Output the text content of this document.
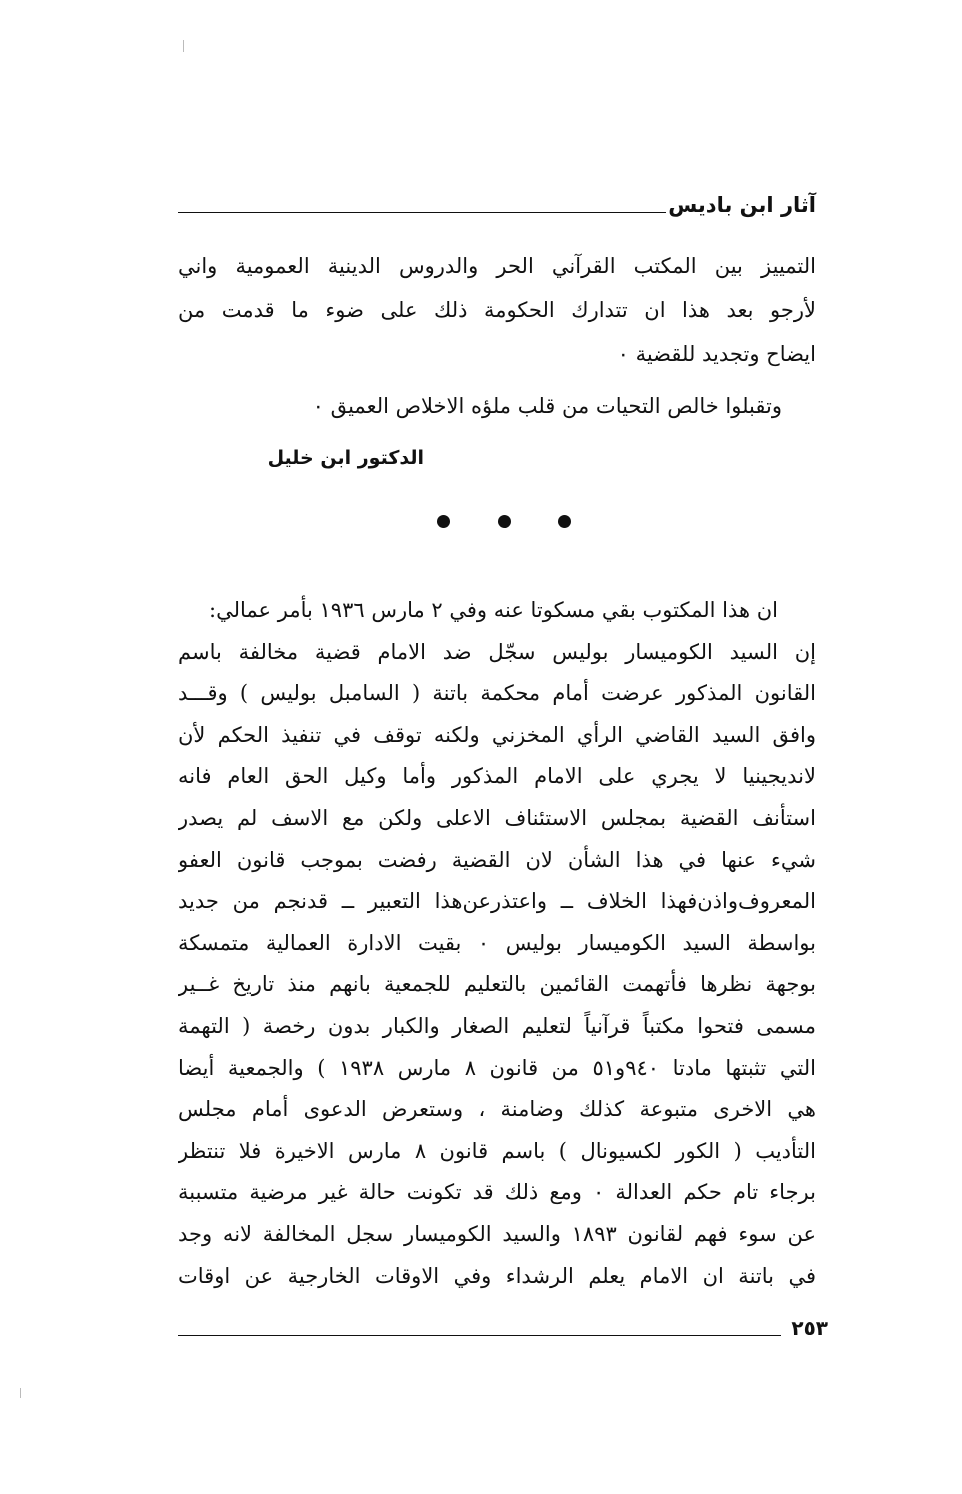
آثار ابن باديس
التمييز بين المكتب القرآني الحر والدروس الدينية العمومية واني
لأرجو بعد هذا ان تتدارك الحكومة ذلك على ضوء ما قدمت من
ايضاح وتجديد للقضية ٠
وتقبلوا خالص التحيات من قلب ملؤه الاخلاص العميق ٠
الدكتور ابن خليل
ان هذا المكتوب بقي مسكوتا عنه وفي ٢ مارس ١٩٣٦ بأمر عمالي:
إن السيد الكوميسار بوليس سجّل ضد الامام قضية مخالفة باسم
القانون المذكور عرضت أمام محكمة باتنة ( السامبل بوليس ) وقـــد
وافق السيد القاضي الرأي المخزني ولكنه توقف في تنفيذ الحكم لأن
لانديجينيا لا يجري على الامام المذكور وأما وكيل الحق العام فانه
استأنف القضية بمجلس الاستئناف الاعلى ولكن مع الاسف لم يصدر
شيء عنها في هذا الشأن لان القضية رفضت بموجب قانون العفو
المعروف‌واذن‌فهذا الخلاف ــ واعتذرعن‌هذا التعبير ــ قدنجم من جديد
بواسطة السيد الكوميسار بوليس ٠ بقيت الادارة العمالية متمسكة
بوجهة نظرها فأتهمت القائمين بالتعليم للجمعية بانهم منذ تاريخ غــير
مسمى فتحوا مكتباً قرآنياً لتعليم الصغار والكبار بدون رخصة ( التهمة
التي تثبتها مادتا ٩٤٠و٥١ من قانون ٨ مارس ١٩٣٨ ) والجمعية أيضا
هي الاخرى متبوعة كذلك وضامنة ، وستعرض الدعوى أمام مجلس
التأديب ( الكور لكسيونال ) باسم قانون ٨ مارس الاخيرة فلا تنتظر
برجاء تام حكم العدالة ٠ ومع ذلك قد تكونت حالة غير مرضية متسببة
عن سوء فهم لقانون ١٨٩٣ والسيد الكوميسار سجل المخالفة لانه وجد
في باتنة ان الامام يعلم الرشداء وفي الاوقات الخارجية عن اوقات
٢٥٣
